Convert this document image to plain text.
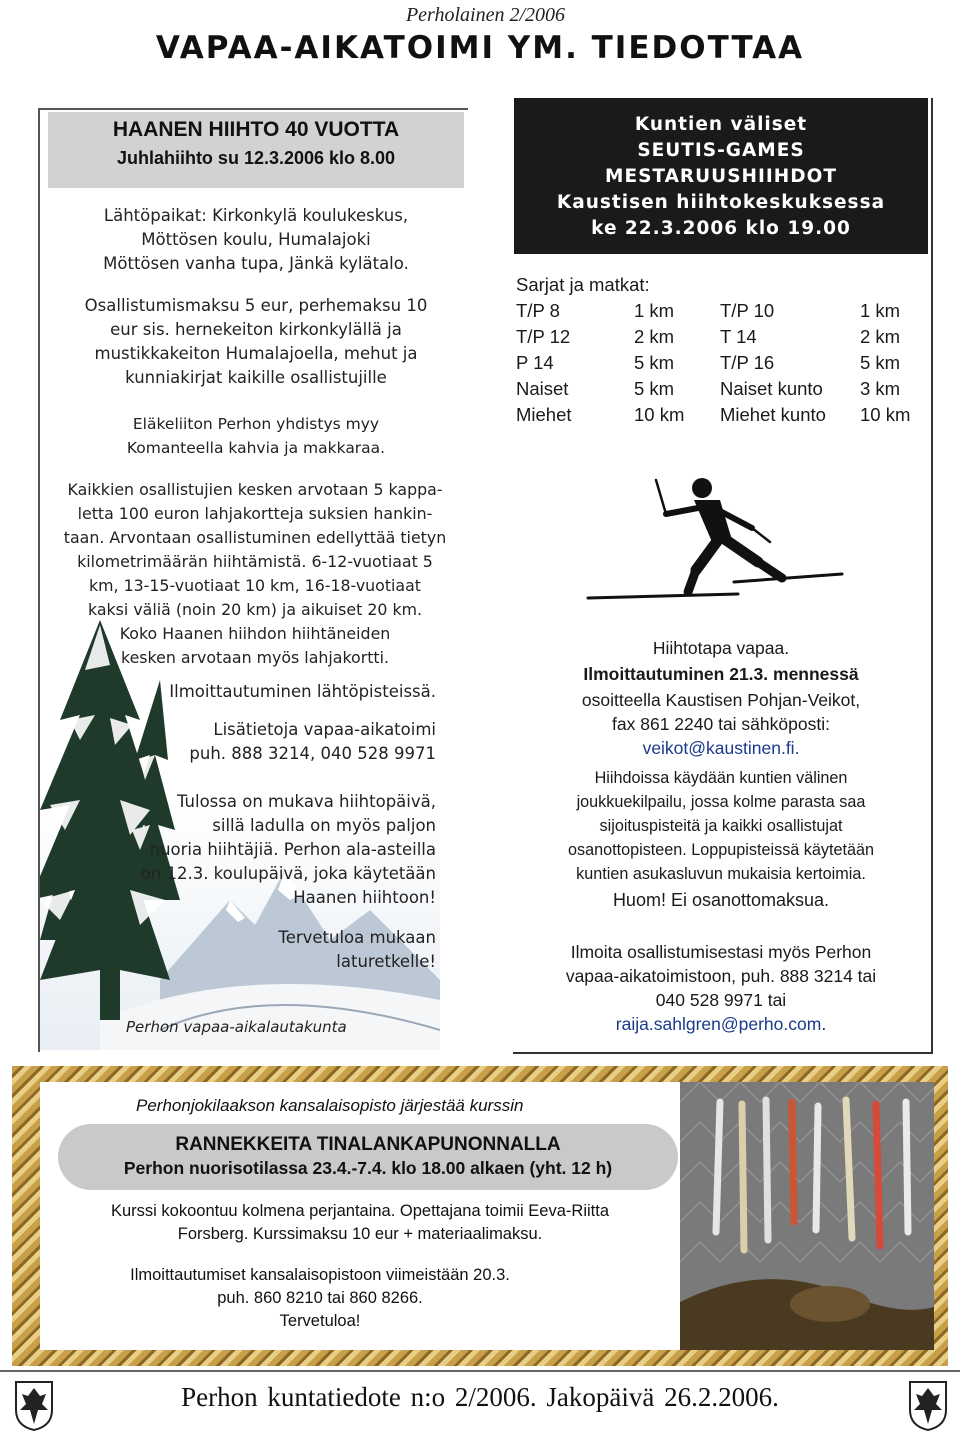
Perholainen 2/2006
VAPAA-AIKATOIMI YM. TIEDOTTAA
HAANEN HIIHTO 40 VUOTTA
Juhlahiihto su 12.3.2006 klo 8.00
Lähtöpaikat: Kirkonkylä koulukeskus,
Möttösen koulu, Humalajoki
Möttösen vanha tupa, Jänkä kylätalo.
Osallistumismaksu 5 eur, perhemaksu 10
eur sis. hernekeiton kirkonkylällä ja
mustikkakeiton Humalajoella, mehut ja
kunniakirjat kaikille osallistujille
Eläkeliiton Perhon yhdistys myy
Komanteella kahvia ja makkaraa.
Kaikkien osallistujien kesken arvotaan 5 kappa-
letta 100 euron lahjakortteja suksien hankin-
taan. Arvontaan osallistuminen edellyttää tietyn
kilometrimäärän hiihtämistä. 6-12-vuotiaat 5
km, 13-15-vuotiaat 10 km, 16-18-vuotiaat
kaksi väliä (noin 20 km) ja aikuiset 20 km.
Koko Haanen hiihdon hiihtäneiden
kesken arvotaan myös lahjakortti.
Ilmoittautuminen lähtöpisteissä.
Lisätietoja vapaa-aikatoimi
puh. 888 3214, 040 528 9971
Tulossa on mukava hiihtopäivä,
sillä ladulla on myös paljon
nuoria hiihtäjiä. Perhon ala-asteilla
on 12.3. koulupäivä, joka käytetään
Haanen hiihtoon!
Tervetuloa mukaan
laturetkelle!
Perhon vapaa-aikalautakunta
Kuntien väliset
SEUTIS-GAMES
MESTARUUSHIIHDOT
Kaustisen hiihtokeskuksessa
ke 22.3.2006 klo 19.00
Sarjat ja matkat:
T/P 8	1 km	T/P 10	1 km
T/P 12	2 km	T 14	2 km
P 14	5 km	T/P 16	5 km
Naiset	5 km	Naiset kunto	3 km
Miehet	10 km	Miehet kunto	10 km
Hiihtotapa vapaa.
Ilmoittautuminen 21.3. mennessä
osoitteella Kaustisen Pohjan-Veikot,
fax 861 2240 tai sähköposti:
veikot@kaustinen.fi.
Hiihdoissa käydään kuntien välinen
joukkuekilpailu, jossa kolme parasta saa
sijoituspisteitä ja kaikki osallistujat
osanottopisteen. Loppupisteissä käytetään
kuntien asukasluvun mukaisia kertoimia.
Huom! Ei osanottomaksua.
Ilmoita osallistumisestasi myös Perhon
vapaa-aikatoimistoon, puh. 888 3214 tai
040 528 9971 tai
raija.sahlgren@perho.com.
Perhonjokilaakson kansalaisopisto järjestää kurssin
RANNEKKEITA TINALANKAPUNONNALLA
Perhon nuorisotilassa 23.4.-7.4. klo 18.00 alkaen (yht. 12 h)
Kurssi kokoontuu kolmena perjantaina. Opettajana toimii Eeva-Riitta
Forsberg. Kurssimaksu 10 eur + materiaalimaksu.
Ilmoittautumiset kansalaisopistoon viimeistään 20.3.
puh. 860 8210 tai 860 8266.
Tervetuloa!
Perhon kuntatiedote n:o 2/2006. Jakopäivä 26.2.2006.
